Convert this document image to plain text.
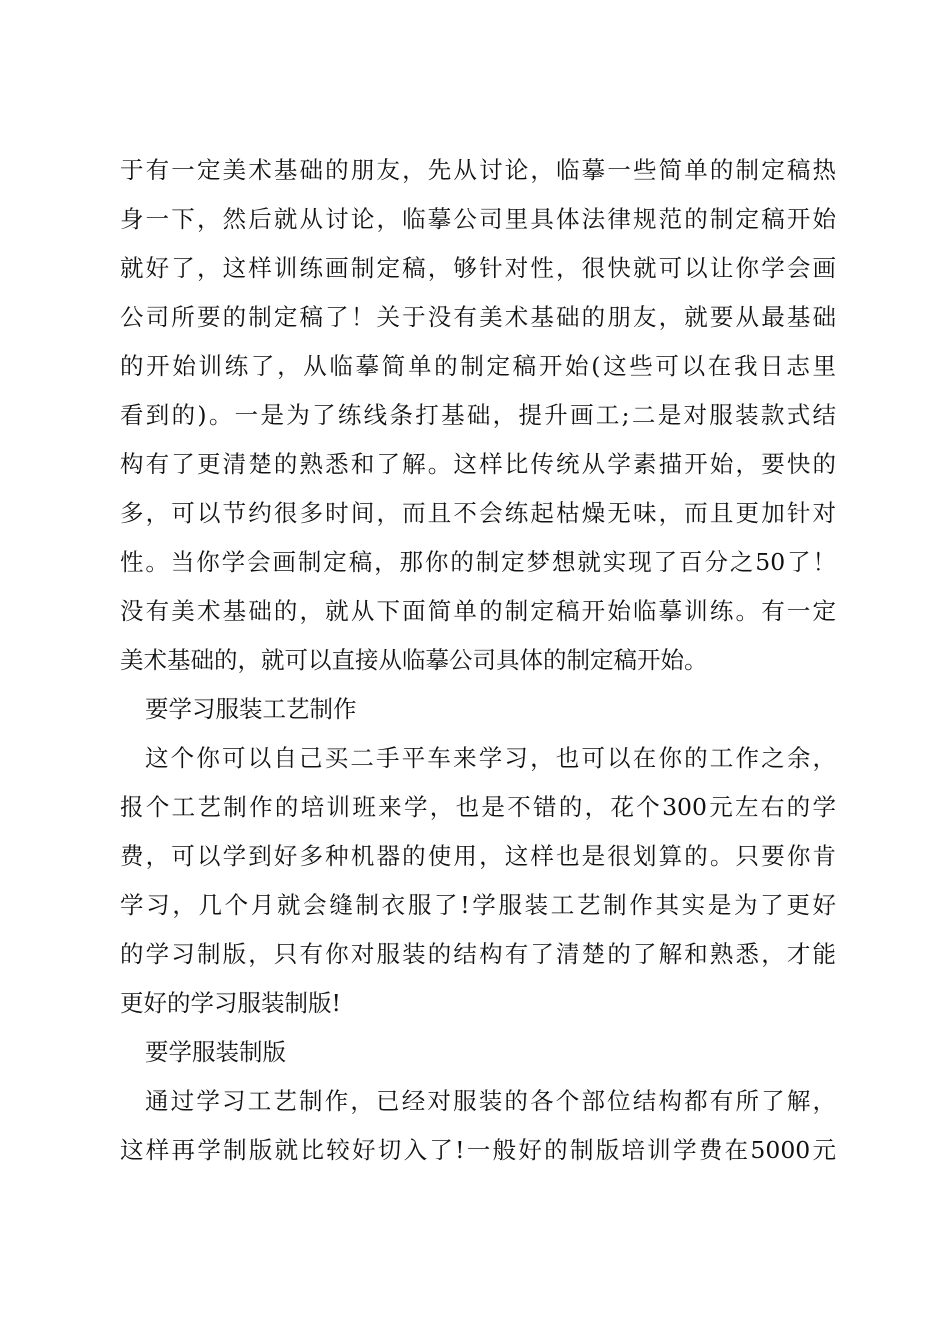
于有一定美术基础的朋友，先从讨论，临摹一些简单的制定稿热
身一下，然后就从讨论，临摹公司里具体法律规范的制定稿开始
就好了，这样训练画制定稿，够针对性，很快就可以让你学会画
公司所要的制定稿了！关于没有美术基础的朋友，就要从最基础
的开始训练了，从临摹简单的制定稿开始(这些可以在我日志里
看到的)。一是为了练线条打基础，提升画工;二是对服装款式结
构有了更清楚的熟悉和了解。这样比传统从学素描开始，要快的
多，可以节约很多时间，而且不会练起枯燥无味，而且更加针对
性。当你学会画制定稿，那你的制定梦想就实现了百分之50了！
没有美术基础的，就从下面简单的制定稿开始临摹训练。有一定
美术基础的，就可以直接从临摹公司具体的制定稿开始。
要学习服装工艺制作
这个你可以自己买二手平车来学习，也可以在你的工作之余，
报个工艺制作的培训班来学，也是不错的，花个300元左右的学
费，可以学到好多种机器的使用，这样也是很划算的。只要你肯
学习，几个月就会缝制衣服了!学服装工艺制作其实是为了更好
的学习制版，只有你对服装的结构有了清楚的了解和熟悉，才能
更好的学习服装制版!
要学服装制版
通过学习工艺制作，已经对服装的各个部位结构都有所了解，
这样再学制版就比较好切入了!一般好的制版培训学费在5000元
